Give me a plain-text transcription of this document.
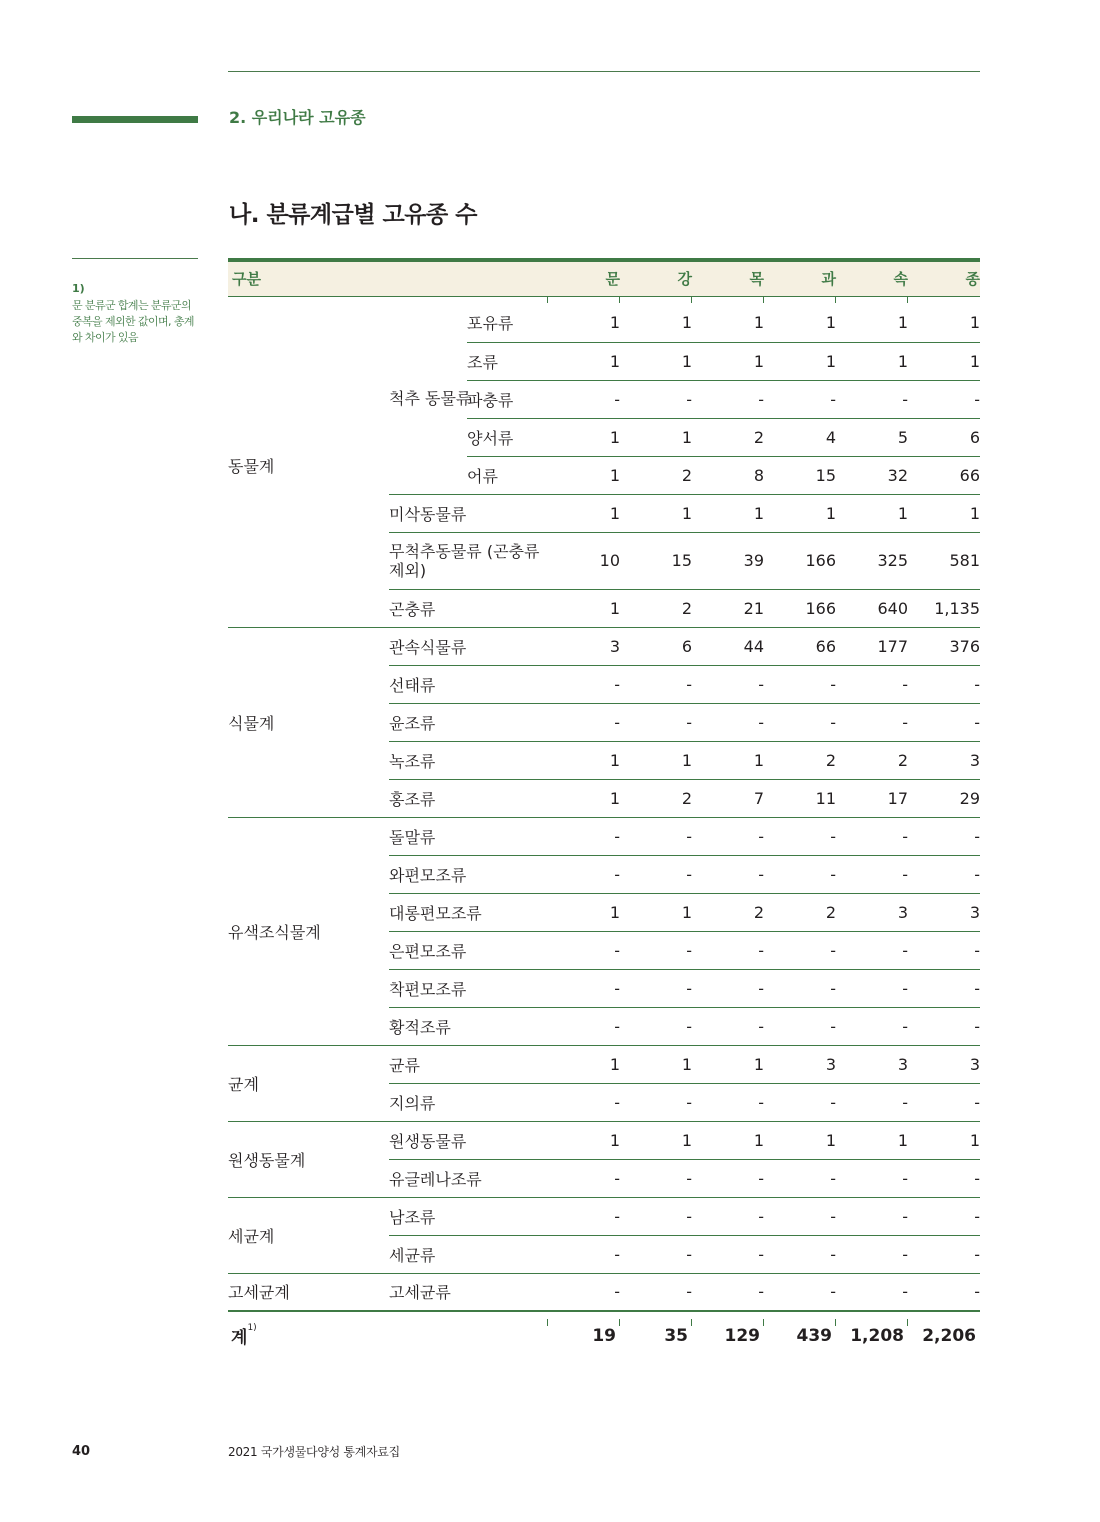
2. 우리나라 고유종
나. 분류계급별 고유종 수
1)
문 분류군 합계는 분류군의 중복을 제외한 값이며, 총계와 차이가 있음
구분			문	강	목	과	속	종

동물계	척추 동물류	포유류	1	1	1	1	1	1
		조류	1	1	1	1	1	1
		파충류	-	-	-	-	-	-
		양서류	1	1	2	4	5	6
		어류	1	2	8	15	32	66
	미삭동물류		1	1	1	1	1	1
	무척추동물류 (곤충류 제외)		10	15	39	166	325	581
	곤충류		1	2	21	166	640	1,135
식물계	관속식물류		3	6	44	66	177	376
	선태류		-	-	-	-	-	-
	윤조류		-	-	-	-	-	-
	녹조류		1	1	1	2	2	3
	홍조류		1	2	7	11	17	29
유색조식물계	돌말류		-	-	-	-	-	-
	와편모조류		-	-	-	-	-	-
	대롱편모조류		1	1	2	2	3	3
	은편모조류		-	-	-	-	-	-
	착편모조류		-	-	-	-	-	-
	황적조류		-	-	-	-	-	-
균계	균류		1	1	1	3	3	3
	지의류		-	-	-	-	-	-
원생동물계	원생동물류		1	1	1	1	1	1
	유글레나조류		-	-	-	-	-	-
세균계	남조류		-	-	-	-	-	-
	세균류		-	-	-	-	-	-
고세균계	고세균류		-	-	-	-	-	-

계$^{1)}$			19	35	129	439	1,208	2,206
40	2021 국가생물다양성 통계자료집
